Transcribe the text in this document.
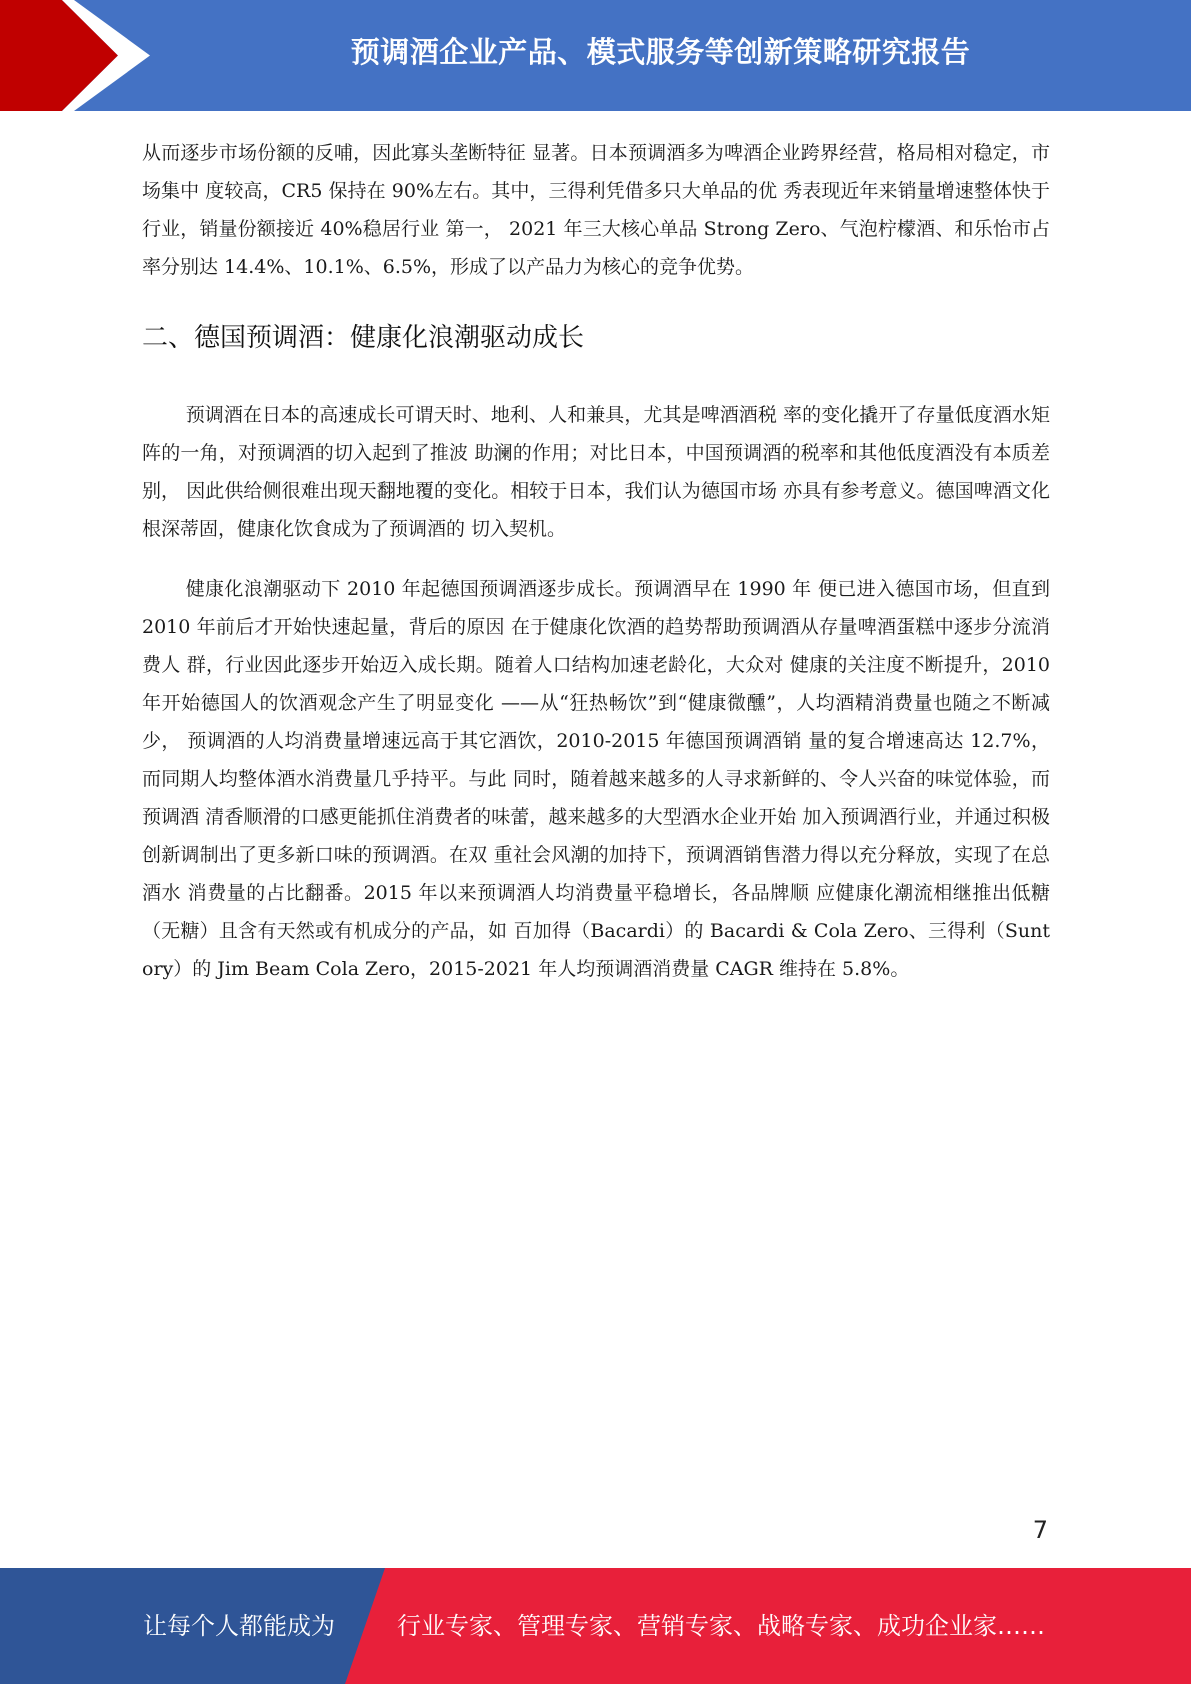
预调酒企业产品、模式服务等创新策略研究报告

从而逐步市场份额的反哺，因此寡头垄断特征 显著。日本预调酒多为啤酒企业跨界经营，格局相对稳定，市场集中 度较高，CR5 保持在 90%左右。其中，三得利凭借多只大单品的优 秀表现近年来销量增速整体快于行业，销量份额接近 40%稳居行业 第一， 2021 年三大核心单品 Strong Zero、气泡柠檬酒、和乐怡市占 率分别达 14.4%、10.1%、6.5%，形成了以产品力为核心的竞争优势。

二、德国预调酒：健康化浪潮驱动成长

预调酒在日本的高速成长可谓天时、地利、人和兼具，尤其是啤酒酒税 率的变化撬开了存量低度酒水矩阵的一角，对预调酒的切入起到了推波 助澜的作用；对比日本，中国预调酒的税率和其他低度酒没有本质差别， 因此供给侧很难出现天翻地覆的变化。相较于日本，我们认为德国市场 亦具有参考意义。德国啤酒文化根深蒂固，健康化饮食成为了预调酒的 切入契机。

健康化浪潮驱动下 2010 年起德国预调酒逐步成长。预调酒早在 1990 年 便已进入德国市场，但直到 2010 年前后才开始快速起量，背后的原因 在于健康化饮酒的趋势帮助预调酒从存量啤酒蛋糕中逐步分流消费人 群，行业因此逐步开始迈入成长期。随着人口结构加速老龄化，大众对 健康的关注度不断提升，2010 年开始德国人的饮酒观念产生了明显变化 ——从“狂热畅饮”到“健康微醺”，人均酒精消费量也随之不断减少， 预调酒的人均消费量增速远高于其它酒饮，2010-2015 年德国预调酒销 量的复合增速高达 12.7%，而同期人均整体酒水消费量几乎持平。与此 同时，随着越来越多的人寻求新鲜的、令人兴奋的味觉体验，而预调酒 清香顺滑的口感更能抓住消费者的味蕾，越来越多的大型酒水企业开始 加入预调酒行业，并通过积极创新调制出了更多新口味的预调酒。在双 重社会风潮的加持下，预调酒销售潜力得以充分释放，实现了在总酒水 消费量的占比翻番。2015 年以来预调酒人均消费量平稳增长，各品牌顺 应健康化潮流相继推出低糖（无糖）且含有天然或有机成分的产品，如 百加得（Bacardi）的 Bacardi & Cola Zero、三得利（Suntory）的 Jim Beam Cola Zero，2015-2021 年人均预调酒消费量 CAGR 维持在 5.8%。

7
让每个人都能成为	行业专家、管理专家、营销专家、战略专家、成功企业家……
